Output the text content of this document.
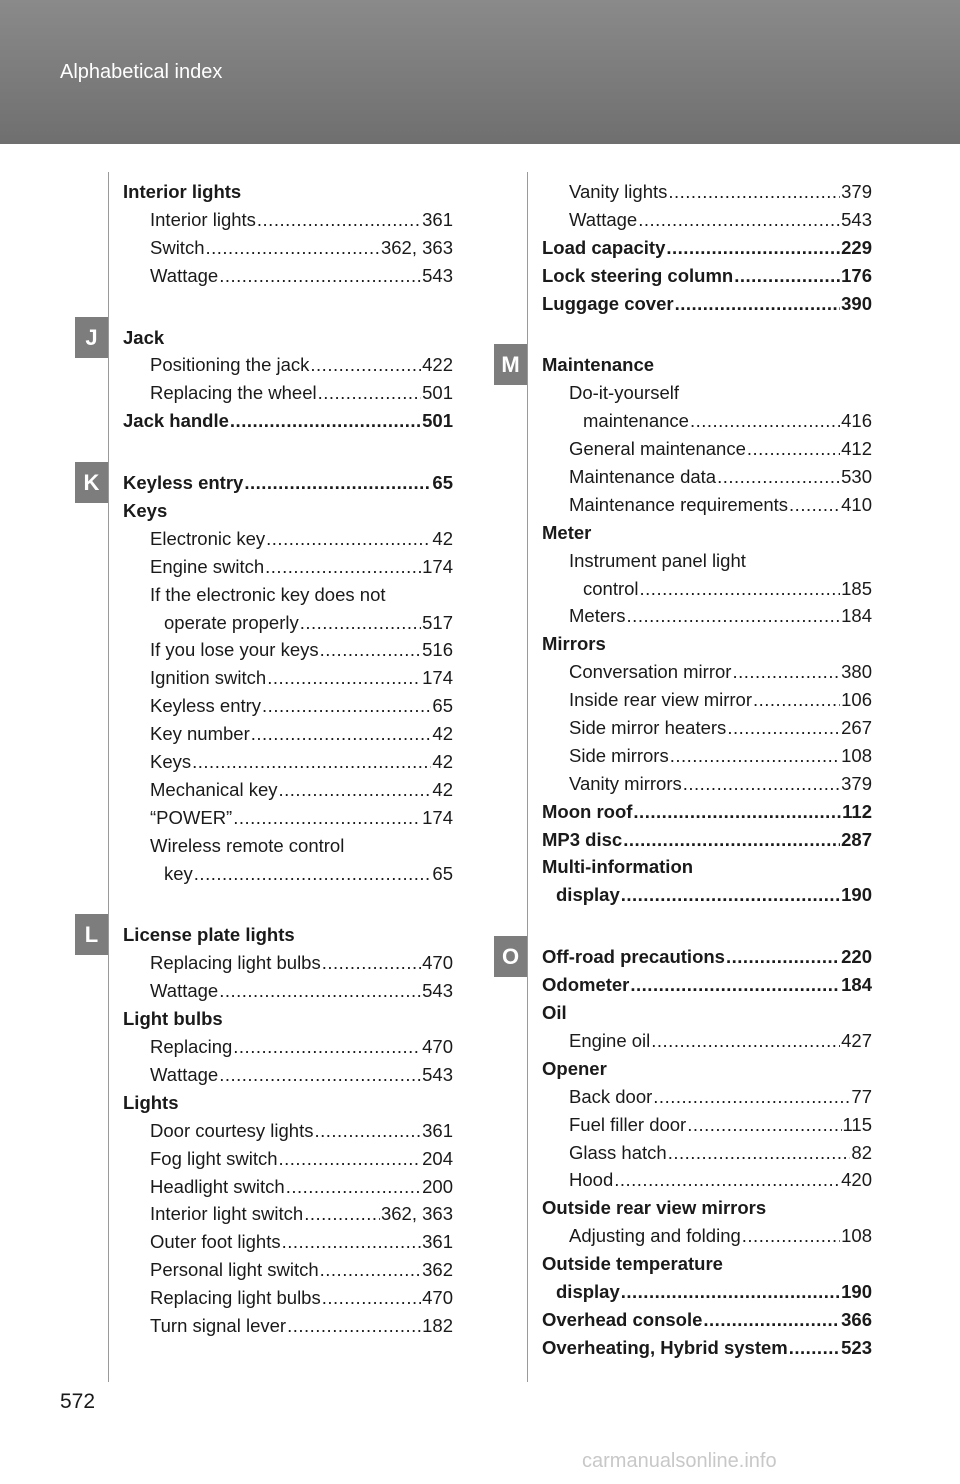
Alphabetical index
J
K
L
M
O
Interior lights
Interior lights .....	361
Switch .....	362, 363
Wattage .....	543
Jack
Positioning the jack .....	422
Replacing the wheel .....	501
Jack handle .....	501
Keyless entry .....	65
Keys
Electronic key .....	42
Engine switch .....	174
If the electronic key does not
operate properly .....	517
If you lose your keys .....	516
Ignition switch .....	174
Keyless entry .....	65
Key number .....	42
Keys .....	42
Mechanical key .....	42
“POWER” .....	174
Wireless remote control
key .....	65
License plate lights
Replacing light bulbs .....	470
Wattage .....	543
Light bulbs
Replacing .....	470
Wattage .....	543
Lights
Door courtesy lights .....	361
Fog light switch .....	204
Headlight switch .....	200
Interior light switch .....	362, 363
Outer foot lights .....	361
Personal light switch .....	362
Replacing light bulbs .....	470
Turn signal lever .....	182
Vanity lights .....	379
Wattage .....	543
Load capacity .....	229
Lock steering column .....	176
Luggage cover .....	390
Maintenance
Do-it-yourself
maintenance .....	416
General maintenance .....	412
Maintenance data .....	530
Maintenance requirements .....	410
Meter
Instrument panel light
control .....	185
Meters .....	184
Mirrors
Conversation mirror .....	380
Inside rear view mirror .....	106
Side mirror heaters .....	267
Side mirrors .....	108
Vanity mirrors .....	379
Moon roof .....	112
MP3 disc .....	287
Multi-information
display .....	190
Off-road precautions .....	220
Odometer .....	184
Oil
Engine oil .....	427
Opener
Back door .....	77
Fuel filler door .....	115
Glass hatch .....	82
Hood .....	420
Outside rear view mirrors
Adjusting and folding .....	108
Outside temperature
display .....	190
Overhead console .....	366
Overheating, Hybrid system .....	523
572
carmanualsonline.info
